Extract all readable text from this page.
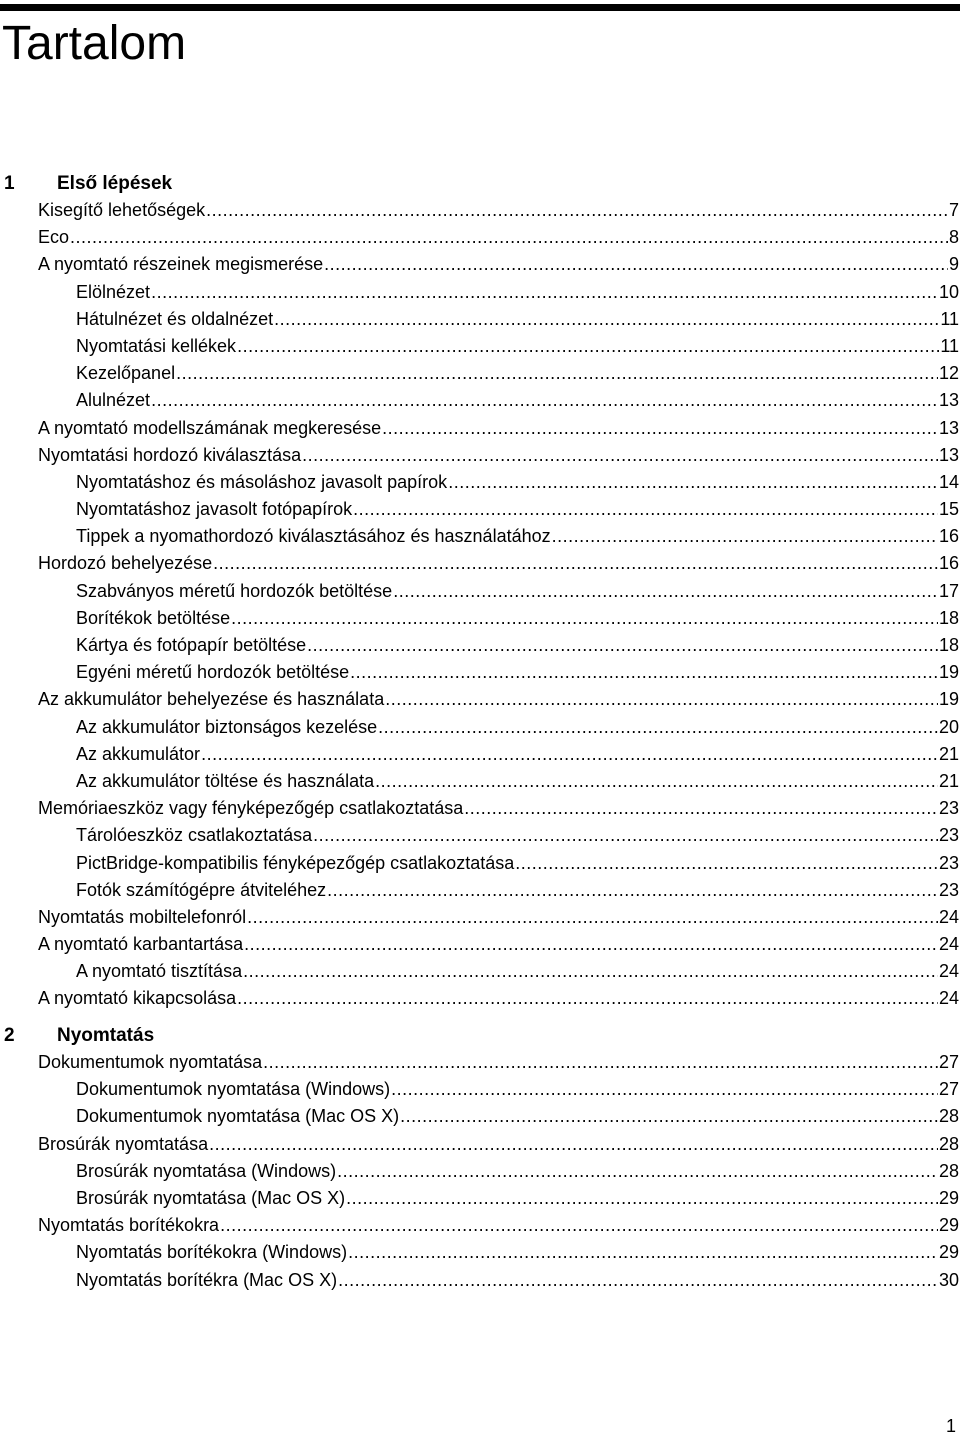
Tartalom
1 Első lépések
Kisegítő lehetőségek .....	7
Eco .....	8
A nyomtató részeinek megismerése .....	9
Elölnézet .....	10
Hátulnézet és oldalnézet .....	11
Nyomtatási kellékek .....	11
Kezelőpanel .....	12
Alulnézet .....	13
A nyomtató modellszámának megkeresése .....	13
Nyomtatási hordozó kiválasztása .....	13
Nyomtatáshoz és másoláshoz javasolt papírok .....	14
Nyomtatáshoz javasolt fotópapírok .....	15
Tippek a nyomathordozó kiválasztásához és használatához .....	16
Hordozó behelyezése .....	16
Szabványos méretű hordozók betöltése .....	17
Borítékok betöltése .....	18
Kártya és fotópapír betöltése .....	18
Egyéni méretű hordozók betöltése .....	19
Az akkumulátor behelyezése és használata .....	19
Az akkumulátor biztonságos kezelése .....	20
Az akkumulátor .....	21
Az akkumulátor töltése és használata .....	21
Memóriaeszköz vagy fényképezőgép csatlakoztatása .....	23
Tárolóeszköz csatlakoztatása .....	23
PictBridge-kompatibilis fényképezőgép csatlakoztatása .....	23
Fotók számítógépre átviteléhez .....	23
Nyomtatás mobiltelefonról .....	24
A nyomtató karbantartása .....	24
A nyomtató tisztítása .....	24
A nyomtató kikapcsolása .....	24
2 Nyomtatás
Dokumentumok nyomtatása .....	27
Dokumentumok nyomtatása (Windows) .....	27
Dokumentumok nyomtatása (Mac OS X) .....	28
Brosúrák nyomtatása .....	28
Brosúrák nyomtatása (Windows) .....	28
Brosúrák nyomtatása (Mac OS X) .....	29
Nyomtatás borítékokra .....	29
Nyomtatás borítékokra (Windows) .....	29
Nyomtatás borítékra (Mac OS X) .....	30
1
